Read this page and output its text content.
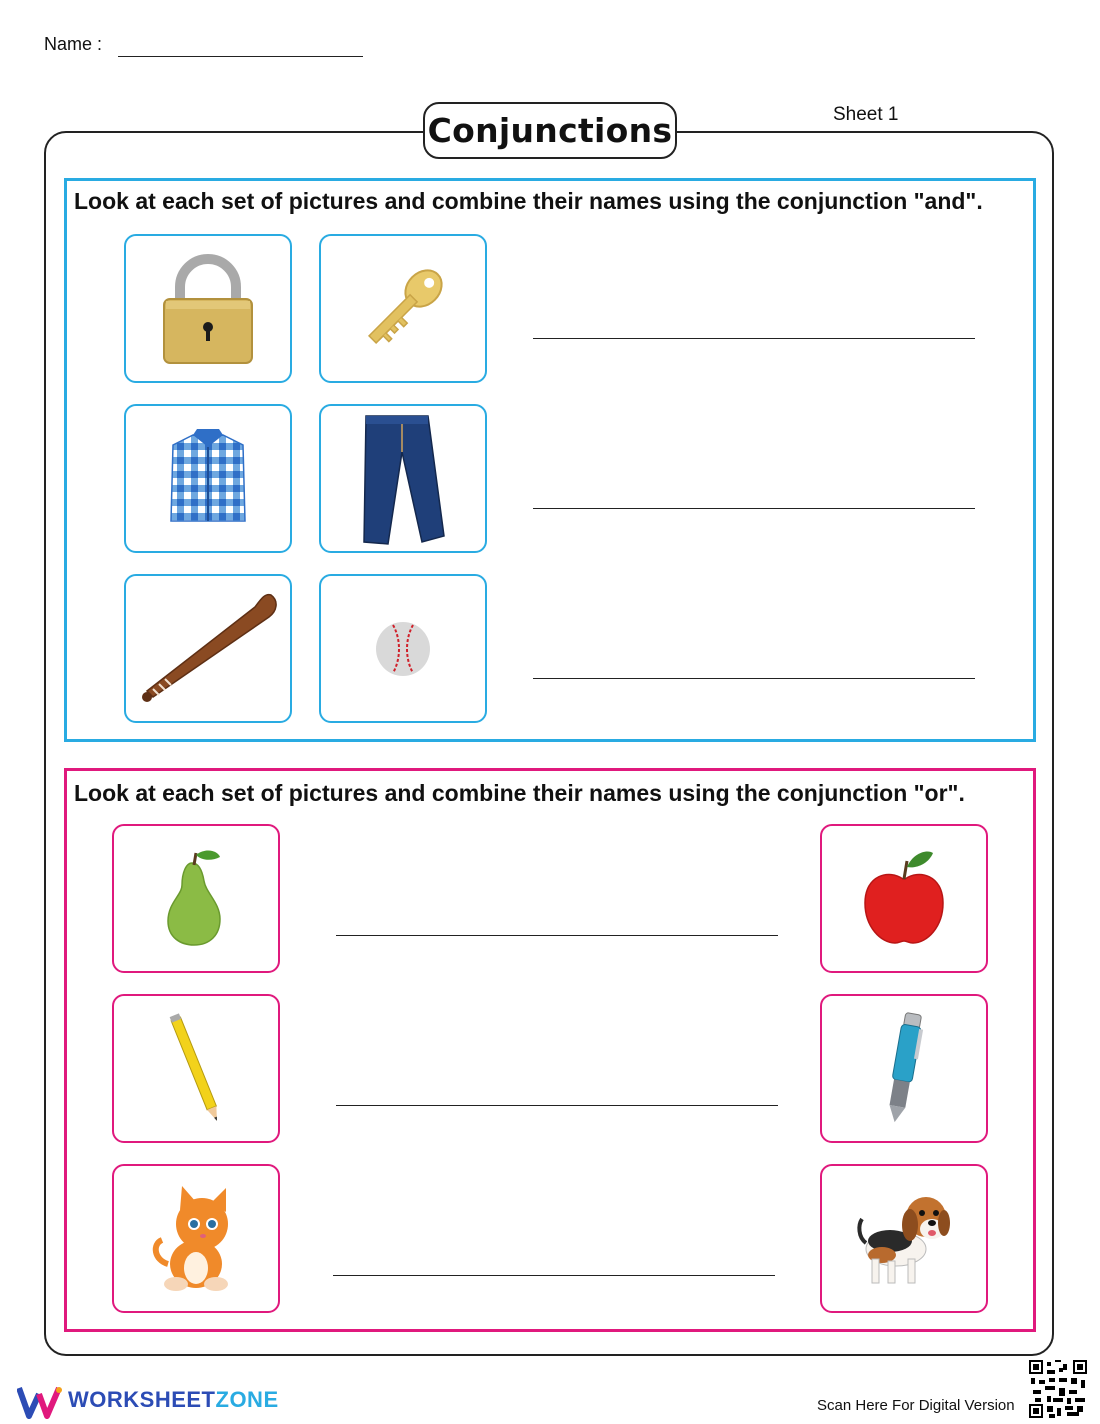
Name :
Conjunctions	Sheet 1
Look at each set of pictures and combine their names using the conjunction "and".
Look at each set of pictures and combine their names using the conjunction "or".
WORKSHEETZONE	Scan Here For Digital Version
